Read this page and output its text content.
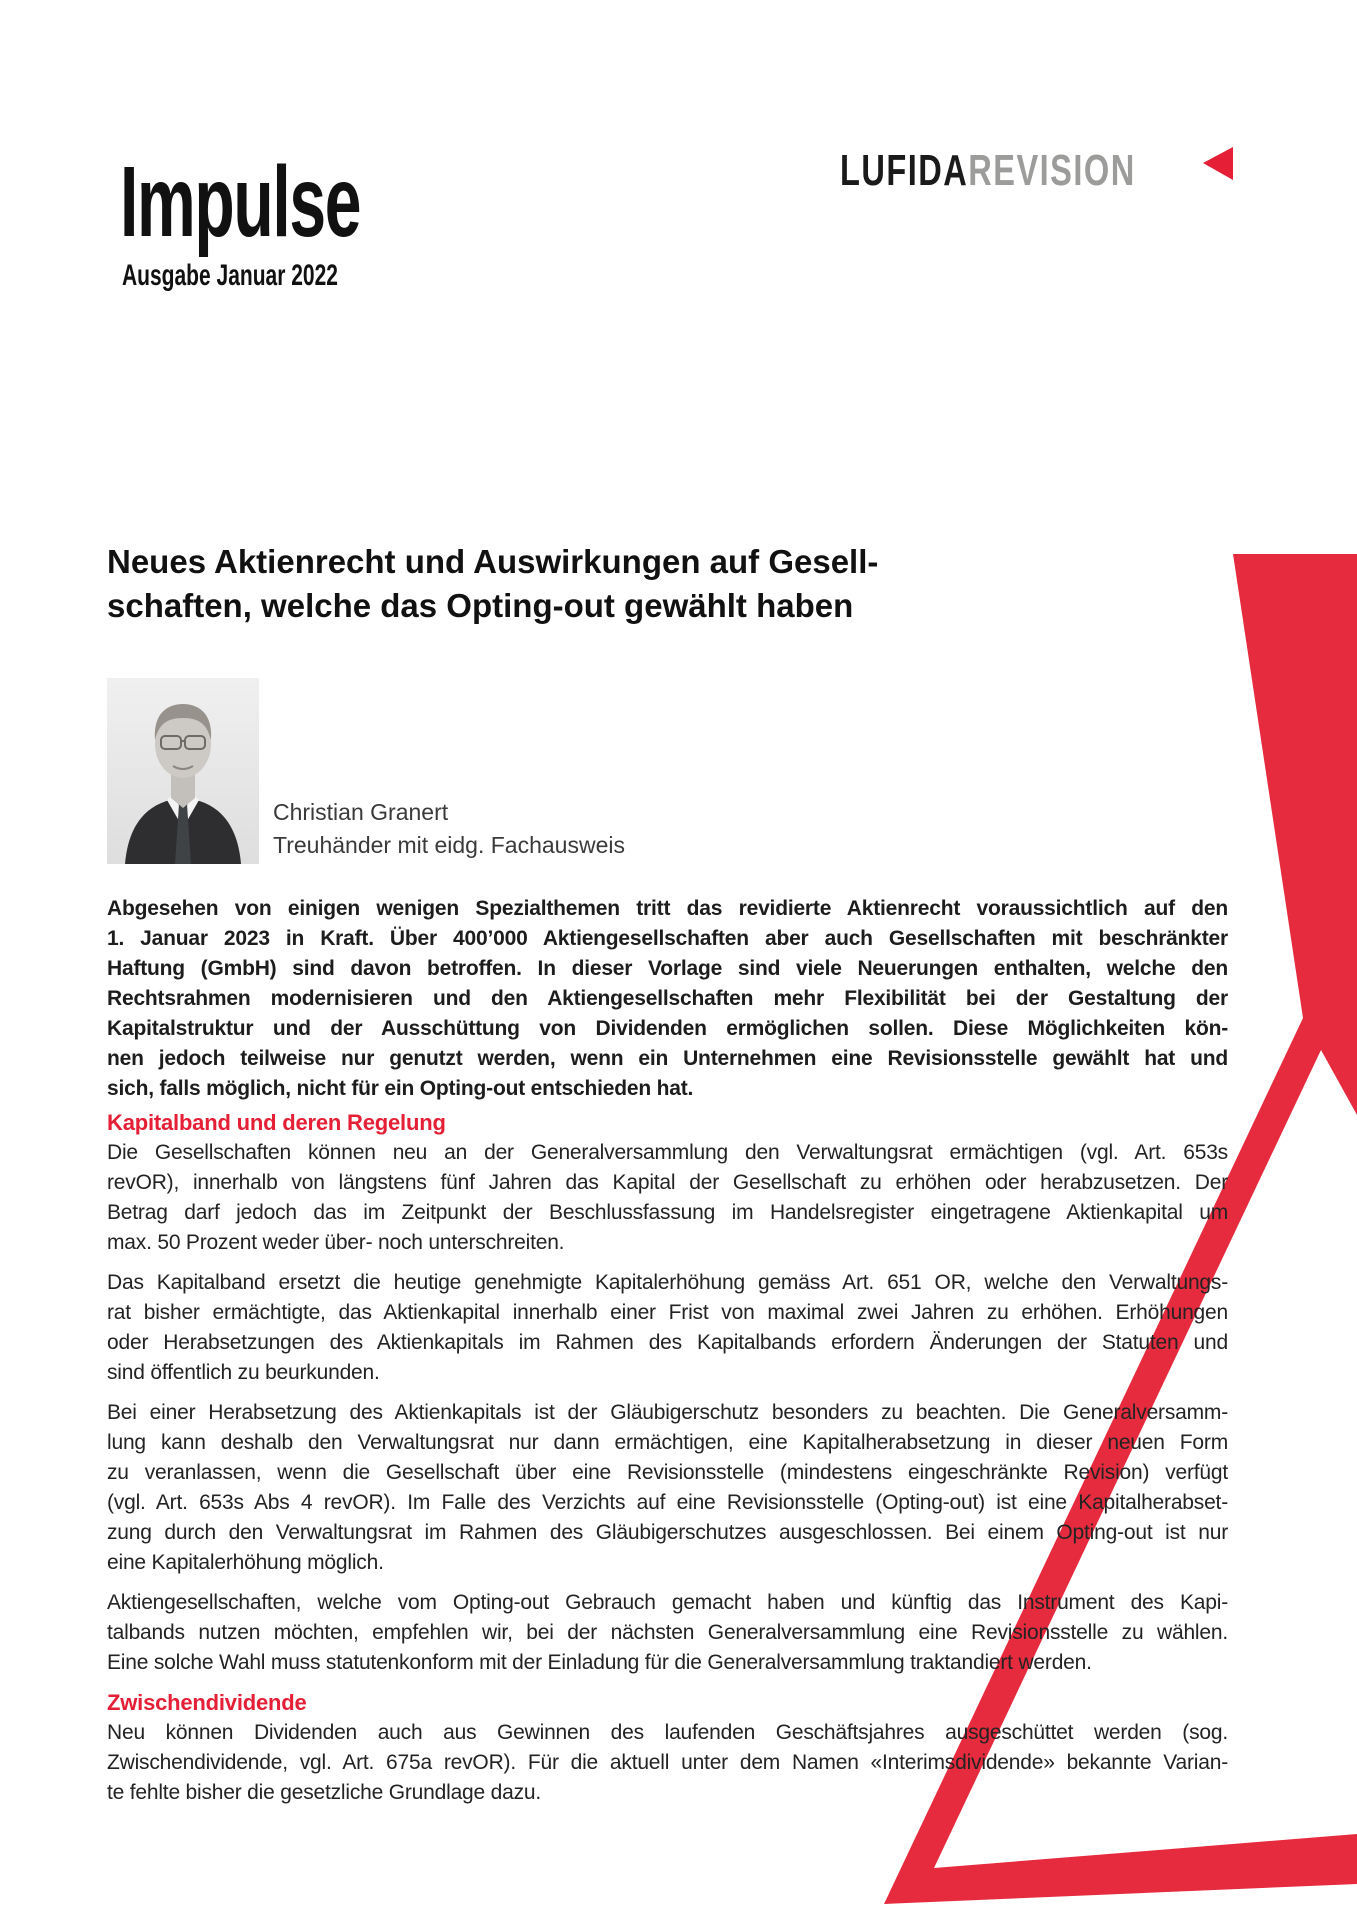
Impulse
Ausgabe Januar 2022
LUFIDAREVISION
Neues Aktienrecht und Auswirkungen auf Gesell-
schaften, welche das Opting-out gewählt haben
Christian Granert
Treuhänder mit eidg. Fachausweis
Abgesehen von einigen wenigen Spezialthemen tritt das revidierte Aktienrecht voraussichtlich auf den
1. Januar 2023 in Kraft. Über 400’000 Aktiengesellschaften aber auch Gesellschaften mit beschränkter
Haftung (GmbH) sind davon betroffen. In dieser Vorlage sind viele Neuerungen enthalten, welche den
Rechtsrahmen modernisieren und den Aktiengesellschaften mehr Flexibilität bei der Gestaltung der
Kapitalstruktur und der Ausschüttung von Dividenden ermöglichen sollen. Diese Möglichkeiten kön-
nen jedoch teilweise nur genutzt werden, wenn ein Unternehmen eine Revisionsstelle gewählt hat und
sich, falls möglich, nicht für ein Opting-out entschieden hat.
Kapitalband und deren Regelung
Die Gesellschaften können neu an der Generalversammlung den Verwaltungsrat ermächtigen (vgl. Art. 653s
revOR), innerhalb von längstens fünf Jahren das Kapital der Gesellschaft zu erhöhen oder herabzusetzen. Der
Betrag darf jedoch das im Zeitpunkt der Beschlussfassung im Handelsregister eingetragene Aktienkapital um
max. 50 Prozent weder über- noch unterschreiten.
Das Kapitalband ersetzt die heutige genehmigte Kapitalerhöhung gemäss Art. 651 OR, welche den Verwaltungs-
rat bisher ermächtigte, das Aktienkapital innerhalb einer Frist von maximal zwei Jahren zu erhöhen. Erhöhungen
oder Herabsetzungen des Aktienkapitals im Rahmen des Kapitalbands erfordern Änderungen der Statuten und
sind öffentlich zu beurkunden.
Bei einer Herabsetzung des Aktienkapitals ist der Gläubigerschutz besonders zu beachten. Die Generalversamm-
lung kann deshalb den Verwaltungsrat nur dann ermächtigen, eine Kapitalherabsetzung in dieser neuen Form
zu veranlassen, wenn die Gesellschaft über eine Revisionsstelle (mindestens eingeschränkte Revision) verfügt
(vgl. Art. 653s Abs 4 revOR). Im Falle des Verzichts auf eine Revisionsstelle (Opting-out) ist eine Kapitalherabset-
zung durch den Verwaltungsrat im Rahmen des Gläubigerschutzes ausgeschlossen. Bei einem Opting-out ist nur
eine Kapitalerhöhung möglich.
Aktiengesellschaften, welche vom Opting-out Gebrauch gemacht haben und künftig das Instrument des Kapi-
talbands nutzen möchten, empfehlen wir, bei der nächsten Generalversammlung eine Revisionsstelle zu wählen.
Eine solche Wahl muss statutenkonform mit der Einladung für die Generalversammlung traktandiert werden.
Zwischendividende
Neu können Dividenden auch aus Gewinnen des laufenden Geschäftsjahres ausgeschüttet werden (sog.
Zwischendividende, vgl. Art. 675a revOR). Für die aktuell unter dem Namen «Interimsdividende» bekannte Varian-
te fehlte bisher die gesetzliche Grundlage dazu.
